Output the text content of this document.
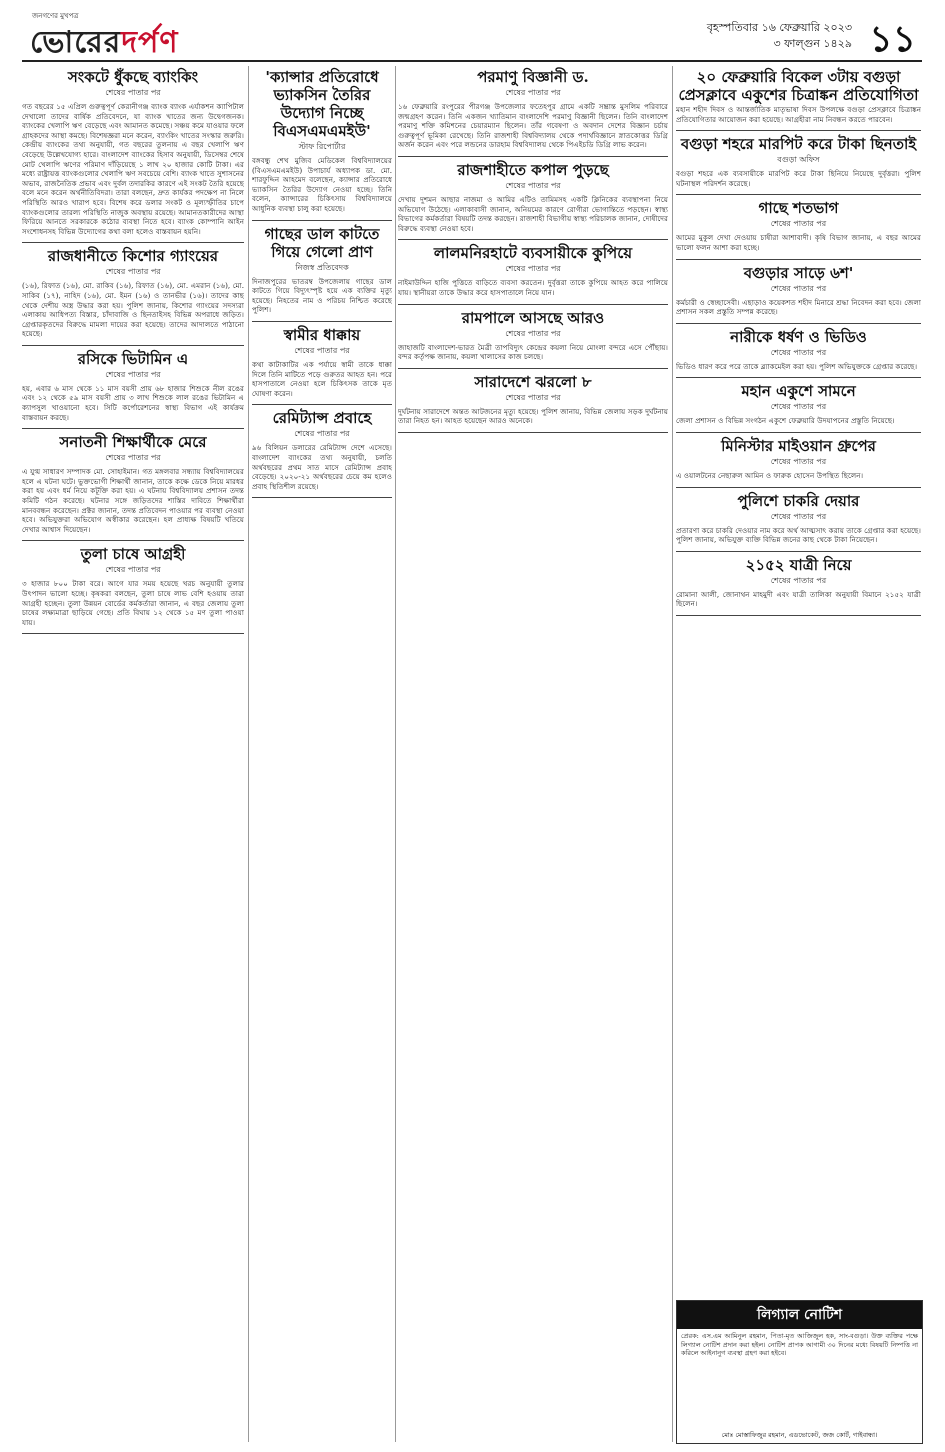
জনগণের মুখপত্র
ভোরেরদর্পণ	বৃহস্পতিবার ১৬ ফেব্রুয়ারি ২০২৩
৩ ফাল্গুন ১৪২৯ ১১
সংকটে ধুঁকছে ব্যাংকিং
শেষের পাতার পর
গত বছরের ১৫ এপ্রিল গুরুত্বপূর্ণ কেরানীগঞ্জ ব্যাংক ব্যাংক এর্যাকশন ক্যাপিটাল দেখালো তাদের বার্ষিক প্রতিবেদনে, যা ব্যাংক খাতের জন্য উদ্বেগজনক। ব্যাংকের খেলাপি ঋণ বেড়েছে এবং আমানত কমেছে। সঞ্চয় কমে যাওয়ার ফলে গ্রাহকদের আস্থা কমছে। বিশেষজ্ঞরা মনে করেন, ব্যাংকিং খাতের সংস্কার জরুরি। কেন্দ্রীয় ব্যাংকের তথ্য অনুযায়ী, গত বছরের তুলনায় এ বছর খেলাপি ঋণ বেড়েছে উল্লেখযোগ্য হারে। বাংলাদেশ ব্যাংকের হিসাব অনুযায়ী, ডিসেম্বর শেষে মোট খেলাপি ঋণের পরিমাণ দাঁড়িয়েছে ১ লাখ ২০ হাজার কোটি টাকা। এর মধ্যে রাষ্ট্রায়ত্ত ব্যাংকগুলোর খেলাপি ঋণ সবচেয়ে বেশি। ব্যাংক খাতে সুশাসনের অভাব, রাজনৈতিক প্রভাব এবং দুর্বল তদারকির কারণে এই সংকট তৈরি হয়েছে বলে মনে করেন অর্থনীতিবিদরা। তারা বলছেন, দ্রুত কার্যকর পদক্ষেপ না নিলে পরিস্থিতি আরও খারাপ হবে। বিশেষ করে ডলার সংকট ও মূল্যস্ফীতির চাপে ব্যাংকগুলোর তারল্য পরিস্থিতি নাজুক অবস্থায় রয়েছে। আমানতকারীদের আস্থা ফিরিয়ে আনতে সরকারকে কঠোর ব্যবস্থা নিতে হবে। ব্যাংক কোম্পানি আইন সংশোধনসহ বিভিন্ন উদ্যোগের কথা বলা হলেও বাস্তবায়ন হয়নি।
রাজধানীতে কিশোর গ্যাংয়ের
শেষের পাতার পর
(১৬), রিফাত (১৬), মো. রাকিব (১৬), রিফাত (১৬), মো. এমরান (১৬), মো. সাকিব (১৭), নাহিদ (১৬), মো. ইমন (১৬) ও তানভীর (১৬)। তাদের কাছ থেকে দেশীয় অস্ত্র উদ্ধার করা হয়। পুলিশ জানায়, কিশোর গ্যাংয়ের সদস্যরা এলাকায় আধিপত্য বিস্তার, চাঁদাবাজি ও ছিনতাইসহ বিভিন্ন অপরাধে জড়িত। গ্রেপ্তারকৃতদের বিরুদ্ধে মামলা দায়ের করা হয়েছে। তাদের আদালতে পাঠানো হয়েছে।
রসিকে ভিটামিন এ
শেষের পাতার পর
হয়, এবার ৬ মাস থেকে ১১ মাস বয়সী প্রায় ৬৮ হাজার শিশুকে নীল রঙের এবং ১২ থেকে ৫৯ মাস বয়সী প্রায় ৩ লাখ শিশুকে লাল রঙের ভিটামিন এ ক্যাপসুল খাওয়ানো হবে। সিটি কর্পোরেশনের স্বাস্থ্য বিভাগ এই কার্যক্রম বাস্তবায়ন করছে।
সনাতনী শিক্ষার্থীকে মেরে
শেষের পাতার পর
এ যুগ্ম সাধারণ সম্পাদক মো. সোহাইমান। গত মঙ্গলবার সন্ধ্যায় বিশ্ববিদ্যালয়ের হলে এ ঘটনা ঘটে। ভুক্তভোগী শিক্ষার্থী জানান, তাকে কক্ষে ডেকে নিয়ে মারধর করা হয় এবং ধর্ম নিয়ে কটূক্তি করা হয়। এ ঘটনায় বিশ্ববিদ্যালয় প্রশাসন তদন্ত কমিটি গঠন করেছে। ঘটনার সঙ্গে জড়িতদের শাস্তির দাবিতে শিক্ষার্থীরা মানববন্ধন করেছেন। প্রক্টর জানান, তদন্ত প্রতিবেদন পাওয়ার পর ব্যবস্থা নেওয়া হবে। অভিযুক্তরা অভিযোগ অস্বীকার করেছেন। হল প্রাধ্যক্ষ বিষয়টি খতিয়ে দেখার আশ্বাস দিয়েছেন।
তুলা চাষে আগ্রহী
শেষের পাতার পর
৩ হাজার ৮০০ টাকা বরে। আগে যার সময় হয়েছে খরচ অনুযায়ী তুলার উৎপাদন ভালো হচ্ছে। কৃষকরা বলছেন, তুলা চাষে লাভ বেশি হওয়ায় তারা আগ্রহী হচ্ছেন। তুলা উন্নয়ন বোর্ডের কর্মকর্তারা জানান, এ বছর জেলায় তুলা চাষের লক্ষ্যমাত্রা ছাড়িয়ে গেছে। প্রতি বিঘায় ১২ থেকে ১৫ মণ তুলা পাওয়া যায়।
'ক্যান্সার প্রতিরোধে ভ্যাকসিন তৈরির উদ্যোগ নিচ্ছে বিএসএমএমইউ'
স্টাফ রিপোর্টার
বঙ্গবন্ধু শেখ মুজিব মেডিকেল বিশ্ববিদ্যালয়ের (বিএসএমএমইউ) উপাচার্য অধ্যাপক ডা. মো. শারফুদ্দিন আহমেদ বলেছেন, ক্যান্সার প্রতিরোধে ভ্যাকসিন তৈরির উদ্যোগ নেওয়া হচ্ছে। তিনি বলেন, ক্যান্সারের চিকিৎসায় বিশ্ববিদ্যালয়ে আধুনিক ব্যবস্থা চালু করা হয়েছে।
গাছের ডাল কাটতে গিয়ে গেলো প্রাণ
নিজস্ব প্রতিবেদক
দিনাজপুরের ভাতরম্ব উপজেলায় গাছের ডাল কাটতে গিয়ে বিদ্যুৎস্পৃষ্ট হয়ে এক ব্যক্তির মৃত্যু হয়েছে। নিহতের নাম ও পরিচয় নিশ্চিত করেছে পুলিশ।
স্বামীর ধাক্কায়
শেষের পাতার পর
কথা কাটাকাটির এক পর্যায়ে স্বামী তাকে ধাক্কা দিলে তিনি মাটিতে পড়ে গুরুতর আহত হন। পরে হাসপাতালে নেওয়া হলে চিকিৎসক তাকে মৃত ঘোষণা করেন।
রেমিট্যান্স প্রবাহে
শেষের পাতার পর
৯৬ বিলিয়ন ডলারের রেমিট্যান্স দেশে এসেছে। বাংলাদেশ ব্যাংকের তথ্য অনুযায়ী, চলতি অর্থবছরের প্রথম সাত মাসে রেমিট্যান্স প্রবাহ বেড়েছে। ২০২০-২১ অর্থবছরের চেয়ে কম হলেও প্রবাহ স্থিতিশীল রয়েছে।
পরমাণু বিজ্ঞানী ড.
শেষের পাতার পর
১৬ ফেব্রুয়ারি রংপুরের পীরগঞ্জ উপজেলার ফতেহপুর গ্রামে একটি সম্ভ্রান্ত মুসলিম পরিবারে জন্মগ্রহণ করেন। তিনি একজন খ্যাতিমান বাংলাদেশি পরমাণু বিজ্ঞানী ছিলেন। তিনি বাংলাদেশ পরমাণু শক্তি কমিশনের চেয়ারম্যান ছিলেন। তাঁর গবেষণা ও অবদান দেশের বিজ্ঞান চর্চায় গুরুত্বপূর্ণ ভূমিকা রেখেছে। তিনি রাজশাহী বিশ্ববিদ্যালয় থেকে পদার্থবিজ্ঞানে স্নাতকোত্তর ডিগ্রি অর্জন করেন এবং পরে লন্ডনের ডারহাম বিশ্ববিদ্যালয় থেকে পিএইচডি ডিগ্রি লাভ করেন।
রাজশাহীতে কপাল পুড়ছে
শেষের পাতার পর
দেখায় দুশমন আছার নাজমা ও আমির এটিও তামিমসহ একটি ক্লিনিকের ব্যবস্থাপনা নিয়ে অভিযোগ উঠেছে। এলাকাবাসী জানান, অনিয়মের কারণে রোগীরা ভোগান্তিতে পড়ছেন। স্বাস্থ্য বিভাগের কর্মকর্তারা বিষয়টি তদন্ত করছেন। রাজশাহী বিভাগীয় স্বাস্থ্য পরিচালক জানান, দোষীদের বিরুদ্ধে ব্যবস্থা নেওয়া হবে।
লালমনিরহাটে ব্যবসায়ীকে কুপিয়ে
শেষের পাতার পর
নাইমাউদ্দিন হাজি পুত্তিতে বাড়িতে ব্যবসা করতেন। দুর্বৃত্তরা তাকে কুপিয়ে আহত করে পালিয়ে যায়। স্থানীয়রা তাকে উদ্ধার করে হাসপাতালে নিয়ে যান।
রামপালে আসছে আরও
শেষের পাতার পর
জাহাজটি বাংলাদেশ-ভারত মৈত্রী তাপবিদ্যুৎ কেন্দ্রের কয়লা নিয়ে মোংলা বন্দরে এসে পৌঁছায়। বন্দর কর্তৃপক্ষ জানায়, কয়লা খালাসের কাজ চলছে।
সারাদেশে ঝরলো ৮
শেষের পাতার পর
দুর্ঘটনায় সারাদেশে অন্তত আটজনের মৃত্যু হয়েছে। পুলিশ জানায়, বিভিন্ন জেলায় সড়ক দুর্ঘটনায় তারা নিহত হন। আহত হয়েছেন আরও অনেকে।
২০ ফেব্রুয়ারি বিকেল ৩টায় বগুড়া প্রেসক্লাবে একুশের চিত্রাঙ্কন প্রতিযোগিতা
মহান শহীদ দিবস ও আন্তর্জাতিক মাতৃভাষা দিবস উপলক্ষে বগুড়া প্রেসক্লাবে চিত্রাঙ্কন প্রতিযোগিতার আয়োজন করা হয়েছে। আগ্রহীরা নাম নিবন্ধন করতে পারবেন।
বগুড়া শহরে মারপিট করে টাকা ছিনতাই
বগুড়া অফিস
বগুড়া শহরে এক ব্যবসায়ীকে মারপিট করে টাকা ছিনিয়ে নিয়েছে দুর্বৃত্তরা। পুলিশ ঘটনাস্থল পরিদর্শন করেছে।
গাছে শতভাগ
শেষের পাতার পর
আমের মুকুল দেখা দেওয়ায় চাষীরা আশাবাদী। কৃষি বিভাগ জানায়, এ বছর আমের ভালো ফলন আশা করা হচ্ছে।
বগুড়ার সাড়ে ৬শ'
শেষের পাতার পর
কর্মচারী ও স্বেচ্ছাসেবী। এছাড়াও কয়েকশত শহীদ মিনারে শ্রদ্ধা নিবেদন করা হবে। জেলা প্রশাসন সকল প্রস্তুতি সম্পন্ন করেছে।
নারীকে ধর্ষণ ও ভিডিও
শেষের পাতার পর
ভিডিও ধারণ করে পরে তাকে ব্ল্যাকমেইল করা হয়। পুলিশ অভিযুক্তকে গ্রেপ্তার করেছে।
মহান একুশে সামনে
শেষের পাতার পর
জেলা প্রশাসন ও বিভিন্ন সংগঠন একুশে ফেব্রুয়ারি উদযাপনের প্রস্তুতি নিয়েছে।
মিনিস্টার মাইওয়ান গ্রুপের
শেষের পাতার পর
এ ওয়ালটনের নেছারুল আমিন ও ফারুক হোসেন উপস্থিত ছিলেন।
পুলিশে চাকরি দেয়ার
শেষের পাতার পর
প্রতারণা করে চাকরি দেওয়ার নাম করে অর্থ আত্মসাৎ করায় তাকে গ্রেপ্তার করা হয়েছে। পুলিশ জানায়, অভিযুক্ত ব্যক্তি বিভিন্ন জনের কাছ থেকে টাকা নিয়েছেন।
২১৫২ যাত্রী নিয়ে
শেষের পাতার পর
রোমানা আলী, জোনাথন মাহমুদী এবং যাত্রী তালিকা অনুযায়ী বিমানে ২১৫২ যাত্রী ছিলেন।
লিগ্যাল নোটিশ
প্রেরক: এস.এম আমিনুল রহমান, পিতা-মৃত আজিজুল হক, সাং-বগুড়া। উক্ত ব্যক্তির পক্ষে লিগ্যাল নোটিশ প্রদান করা হইল। নোটিশ প্রাপক আগামী ৩০ দিনের মধ্যে বিষয়টি নিষ্পত্তি না করিলে আইনানুগ ব্যবস্থা গ্রহণ করা হইবে।
মোঃ মোস্তাফিজুর রহমান, এডভোকেট, জজ কোর্ট, গাইবান্ধা।
